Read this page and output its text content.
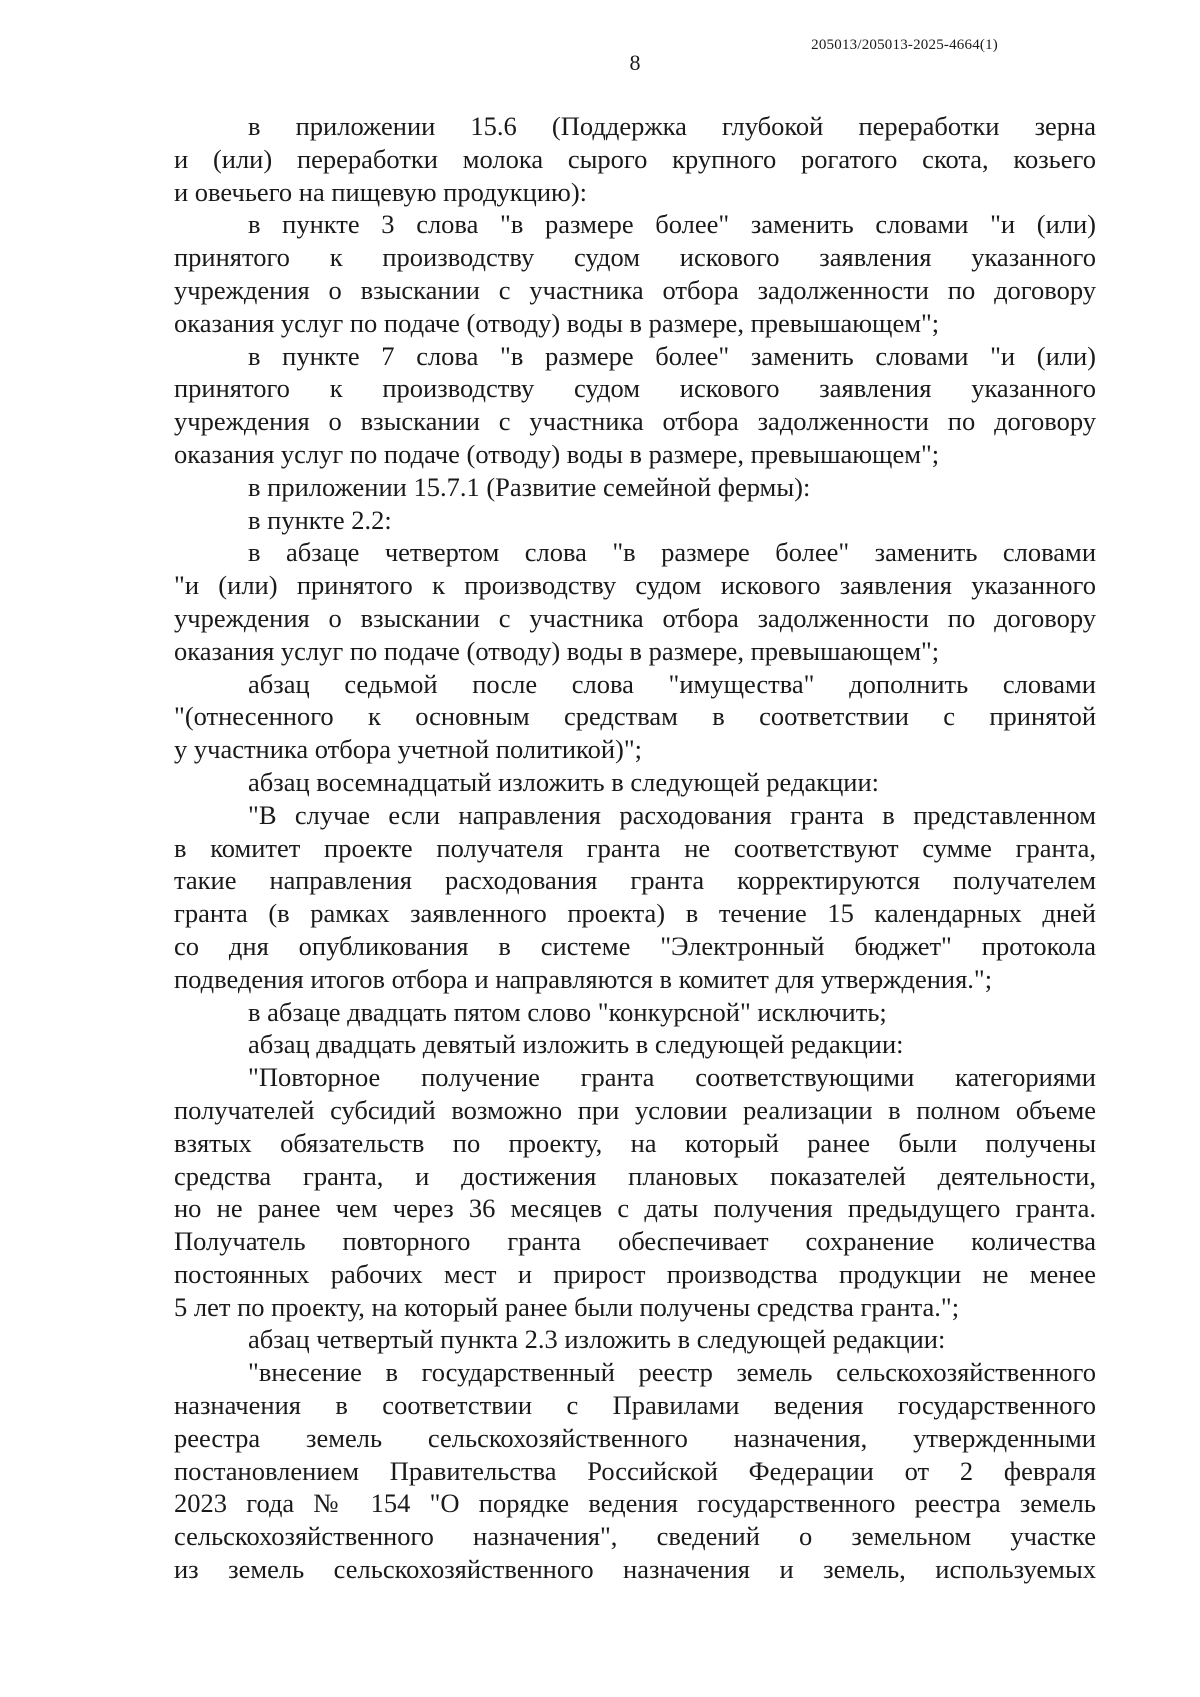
205013/205013-2025-4664(1)
8
в приложении 15.6 (Поддержка глубокой переработки зерна
и (или) переработки молока сырого крупного рогатого скота, козьего
и овечьего на пищевую продукцию):
в пункте 3 слова "в размере более" заменить словами "и (или)
принятого к производству судом искового заявления указанного
учреждения о взыскании с участника отбора задолженности по договору
оказания услуг по подаче (отводу) воды в размере, превышающем";
в пункте 7 слова "в размере более" заменить словами "и (или)
принятого к производству судом искового заявления указанного
учреждения о взыскании с участника отбора задолженности по договору
оказания услуг по подаче (отводу) воды в размере, превышающем";
в приложении 15.7.1 (Развитие семейной фермы):
в пункте 2.2:
в абзаце четвертом слова "в размере более" заменить словами
"и (или) принятого к производству судом искового заявления указанного
учреждения о взыскании с участника отбора задолженности по договору
оказания услуг по подаче (отводу) воды в размере, превышающем";
абзац седьмой после слова "имущества" дополнить словами
"(отнесенного к основным средствам в соответствии с принятой
у участника отбора учетной политикой)";
абзац восемнадцатый изложить в следующей редакции:
"В случае если направления расходования гранта в представленном
в комитет проекте получателя гранта не соответствуют сумме гранта,
такие направления расходования гранта корректируются получателем
гранта (в рамках заявленного проекта) в течение 15 календарных дней
со дня опубликования в системе "Электронный бюджет" протокола
подведения итогов отбора и направляются в комитет для утверждения.";
в абзаце двадцать пятом слово "конкурсной" исключить;
абзац двадцать девятый изложить в следующей редакции:
"Повторное получение гранта соответствующими категориями
получателей субсидий возможно при условии реализации в полном объеме
взятых обязательств по проекту, на который ранее были получены
средства гранта, и достижения плановых показателей деятельности,
но не ранее чем через 36 месяцев с даты получения предыдущего гранта.
Получатель повторного гранта обеспечивает сохранение количества
постоянных рабочих мест и прирост производства продукции не менее
5 лет по проекту, на который ранее были получены средства гранта.";
абзац четвертый пункта 2.3 изложить в следующей редакции:
"внесение в государственный реестр земель сельскохозяйственного
назначения в соответствии с Правилами ведения государственного
реестра земель сельскохозяйственного назначения, утвержденными
постановлением Правительства Российской Федерации от 2 февраля
2023 года № 154 "О порядке ведения государственного реестра земель
сельскохозяйственного назначения", сведений о земельном участке
из земель сельскохозяйственного назначения и земель, используемых
